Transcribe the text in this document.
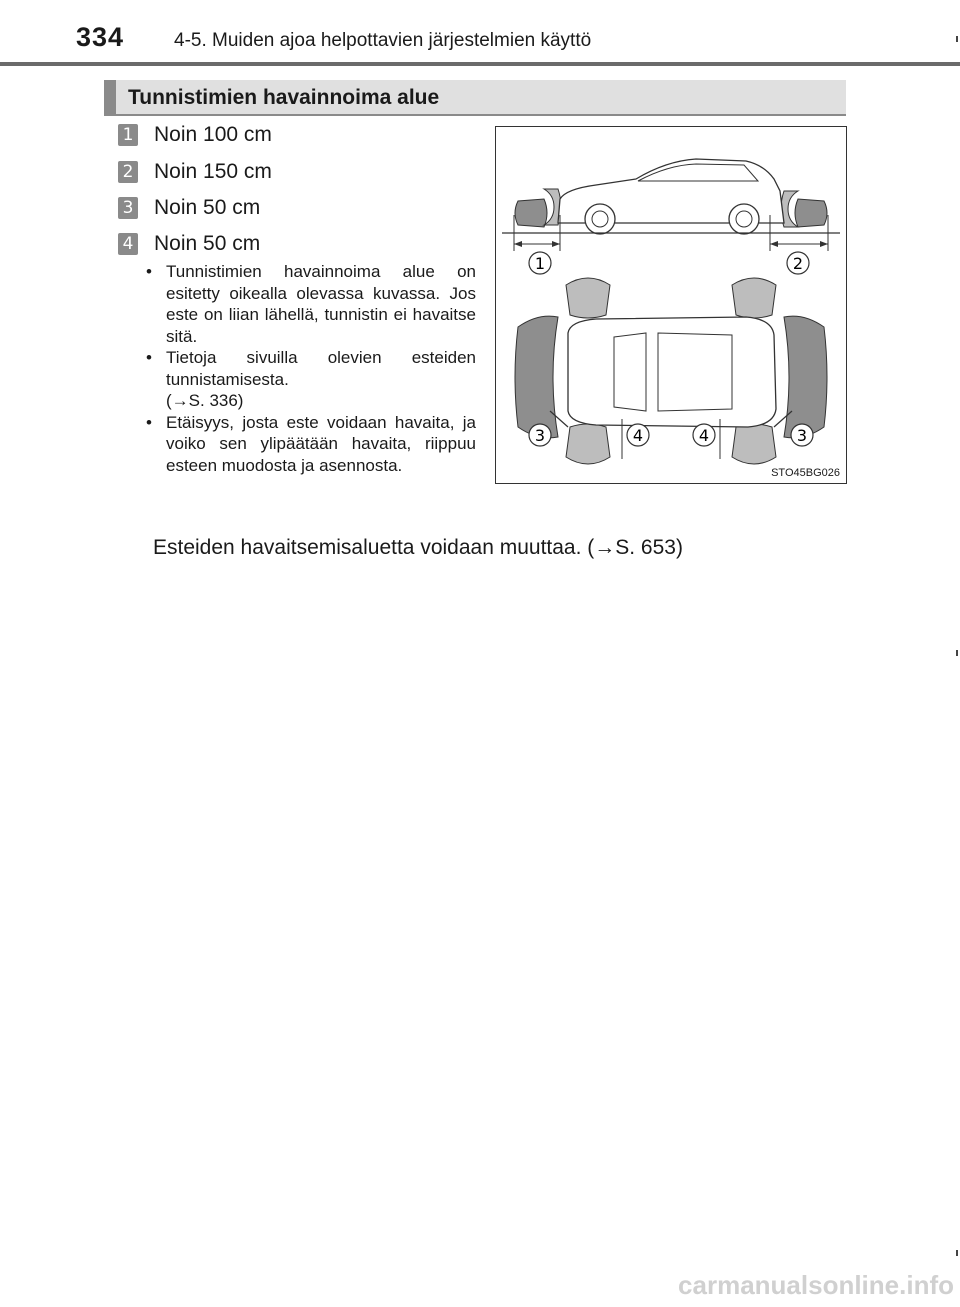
334	4-5. Muiden ajoa helpottavien järjestelmien käyttö
Tunnistimien havainnoima alue
1 Noin 100 cm
2 Noin 150 cm
3 Noin 50 cm
4 Noin 50 cm
• Tunnistimien havainnoima alue on esitetty oikealla olevassa kuvassa. Jos este on liian lähellä, tunnistin ei havaitse sitä.
• Tietoja sivuilla olevien esteiden tunnistamisesta.
(→S. 336)
• Etäisyys, josta este voidaan havaita, ja voiko sen ylipäätään havaita, riippuu esteen muodosta ja asennosta.
1	2
3	4	4	3
STO45BG026
Esteiden havaitsemisaluetta voidaan muuttaa. (→S. 653)
carmanualsonline.info
